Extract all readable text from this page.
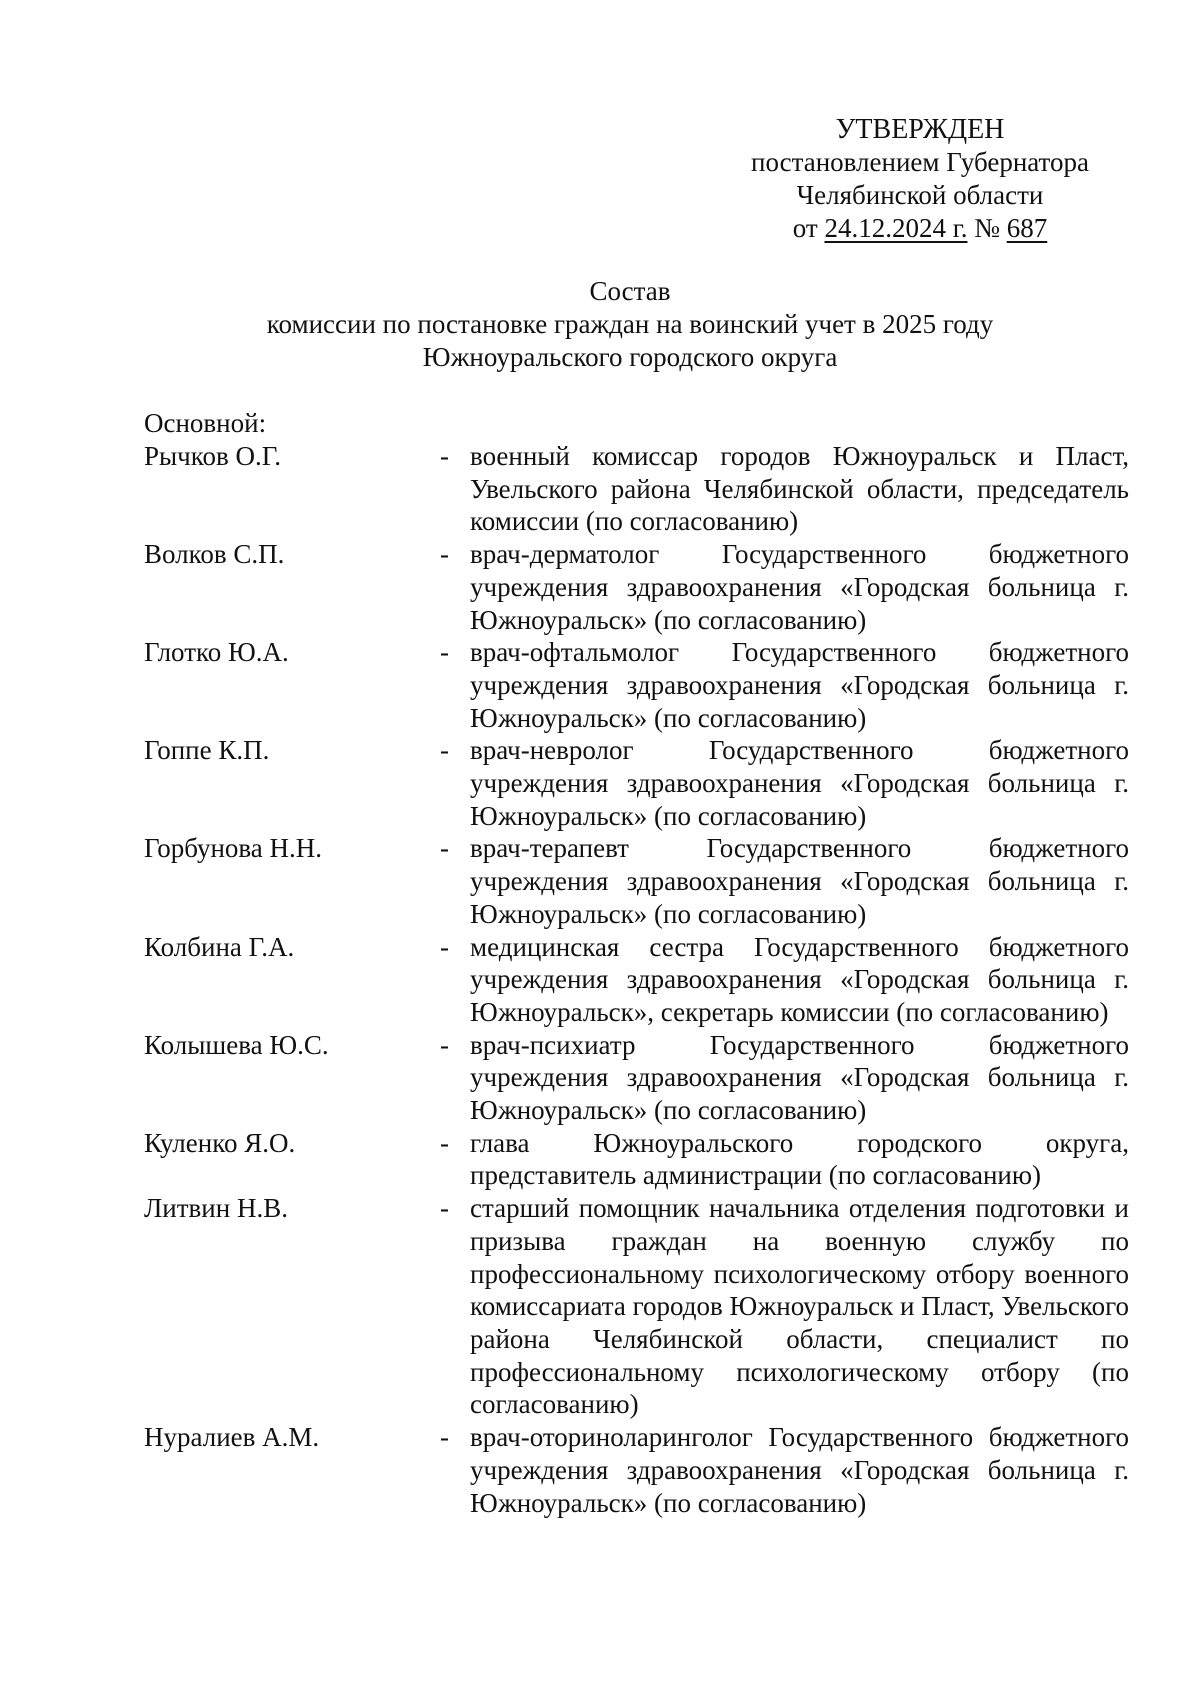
УТВЕРЖДЕН
постановлением Губернатора
Челябинской области
от 24.12.2024 г. № 687
Состав
комиссии по постановке граждан на воинский учет в 2025 году
Южноуральского городского округа
Основной:
Рычков О.Г.	- военный комиссар городов Южноуральск и Пласт, Увельского района Челябинской области, председатель комиссии (по согласованию)
Волков С.П.	- врач-дерматолог Государственного бюджетного учреждения здравоохранения «Городская больница г. Южноуральск» (по согласованию)
Глотко Ю.А.	- врач-офтальмолог Государственного бюджетного учреждения здравоохранения «Городская больница г. Южноуральск» (по согласованию)
Гоппе К.П.	- врач-невролог Государственного бюджетного учреждения здравоохранения «Городская больница г. Южноуральск» (по согласованию)
Горбунова Н.Н.	- врач-терапевт Государственного бюджетного учреждения здравоохранения «Городская больница г. Южноуральск» (по согласованию)
Колбина Г.А.	- медицинская сестра Государственного бюджетного учреждения здравоохранения «Городская больница г. Южноуральск», секретарь комиссии (по согласованию)
Колышева Ю.С.	- врач-психиатр Государственного бюджетного учреждения здравоохранения «Городская больница г. Южноуральск» (по согласованию)
Куленко Я.О.	- глава Южноуральского городского округа, представитель администрации (по согласованию)
Литвин Н.В.	- старший помощник начальника отделения подготовки и призыва граждан на военную службу по профессиональному психологическому отбору военного комиссариата городов Южноуральск и Пласт, Увельского района Челябинской области, специалист по профессиональному психологическому отбору (по согласованию)
Нуралиев А.М.	- врач-оториноларинголог Государственного бюджетного учреждения здравоохранения «Городская больница г. Южноуральск» (по согласованию)
